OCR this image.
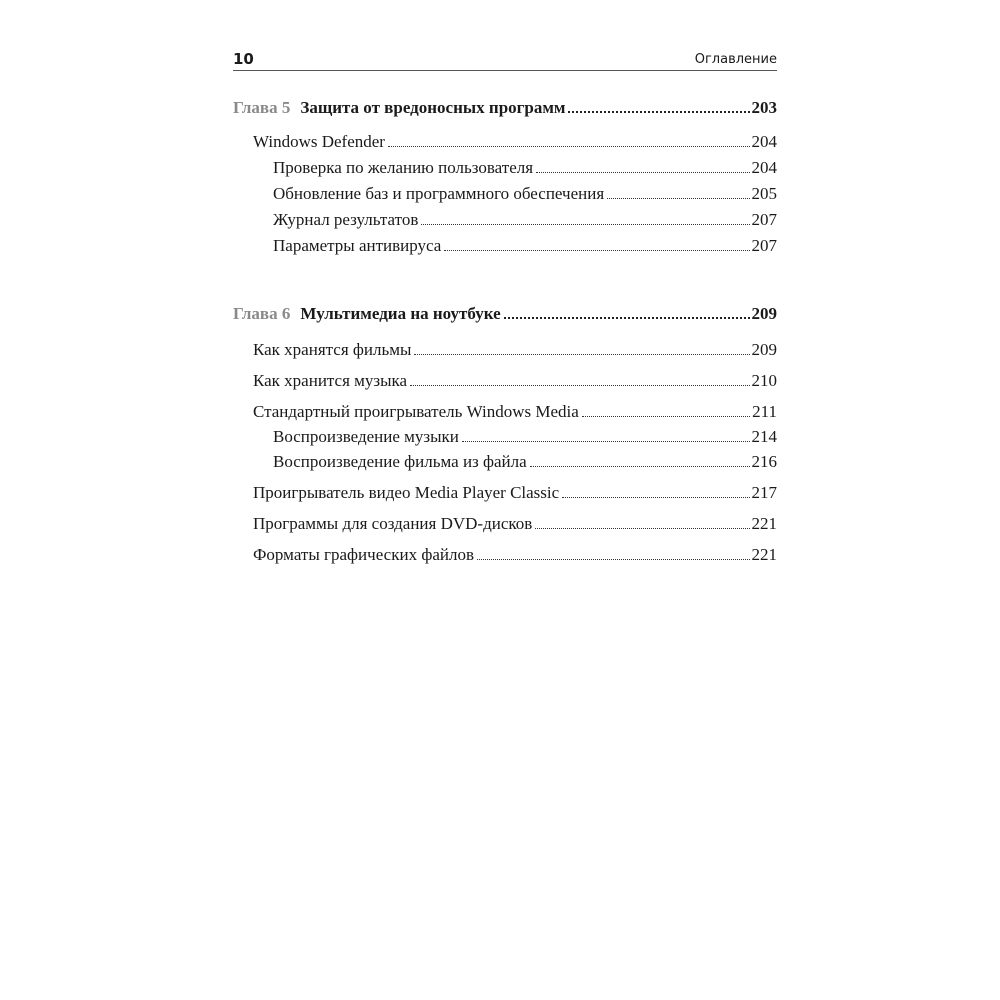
10	Оглавление
Глава 5 Защита от вредоносных программ	203
Windows Defender	204
Проверка по желанию пользователя	204
Обновление баз и программного обеспечения	205
Журнал результатов	207
Параметры антивируса	207
Глава 6 Мультимедиа на ноутбуке	209
Как хранятся фильмы	209
Как хранится музыка	210
Стандартный проигрыватель Windows Media	211
Воспроизведение музыки	214
Воспроизведение фильма из файла	216
Проигрыватель видео Media Player Classic	217
Программы для создания DVD-дисков	221
Форматы графических файлов	221
